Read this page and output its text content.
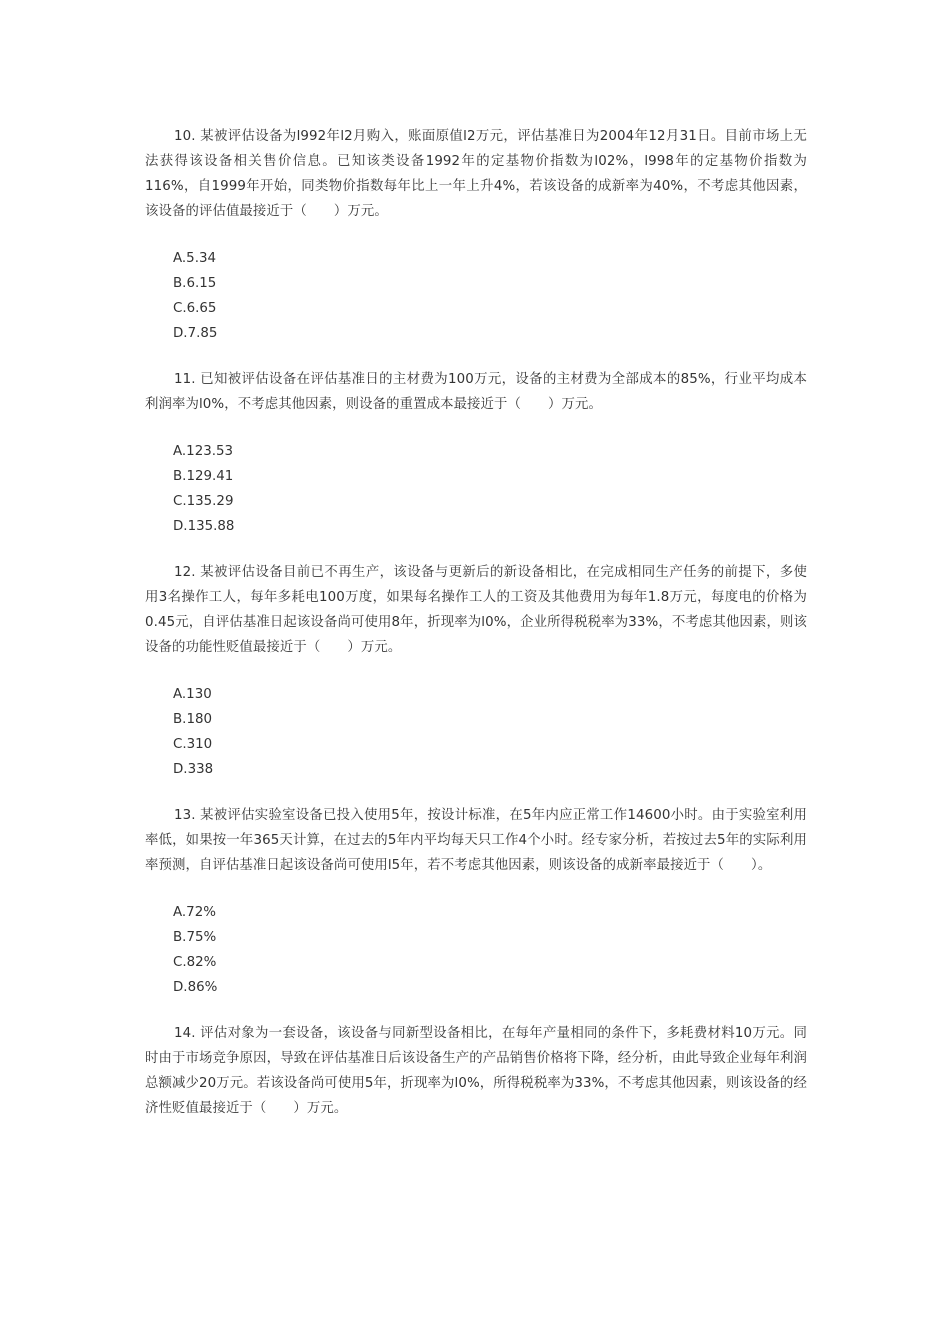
10. 某被评估设备为l992年l2月购入，账面原值l2万元，评估基准日为2004年12月31日。目前市场上无法获得该设备相关售价信息。已知该类设备1992年的定基物价指数为l02%，l998年的定基物价指数为116%，自1999年开始，同类物价指数每年比上一年上升4%，若该设备的成新率为40%，不考虑其他因素，该设备的评估值最接近于（　　）万元。

A.5.34
B.6.15
C.6.65
D.7.85

11. 已知被评估设备在评估基准日的主材费为100万元，设备的主材费为全部成本的85%，行业平均成本利润率为l0%，不考虑其他因素，则设备的重置成本最接近于（　　）万元。

A.123.53
B.129.41
C.135.29
D.135.88

12. 某被评估设备目前已不再生产，该设备与更新后的新设备相比，在完成相同生产任务的前提下，多使用3名操作工人，每年多耗电100万度，如果每名操作工人的工资及其他费用为每年1.8万元，每度电的价格为0.45元，自评估基准日起该设备尚可使用8年，折现率为l0%，企业所得税税率为33%，不考虑其他因素，则该设备的功能性贬值最接近于（　　）万元。

A.130
B.180
C.310
D.338

13. 某被评估实验室设备已投入使用5年，按设计标准，在5年内应正常工作14600小时。由于实验室利用率低，如果按一年365天计算，在过去的5年内平均每天只工作4个小时。经专家分析，若按过去5年的实际利用率预测，自评估基准日起该设备尚可使用l5年，若不考虑其他因素，则该设备的成新率最接近于（　　）。

A.72%
B.75%
C.82%
D.86%

14. 评估对象为一套设备，该设备与同新型设备相比，在每年产量相同的条件下，多耗费材料10万元。同时由于市场竞争原因，导致在评估基准日后该设备生产的产品销售价格将下降，经分析，由此导致企业每年利润总额减少20万元。若该设备尚可使用5年，折现率为l0%，所得税税率为33%，不考虑其他因素，则该设备的经济性贬值最接近于（　　）万元。
